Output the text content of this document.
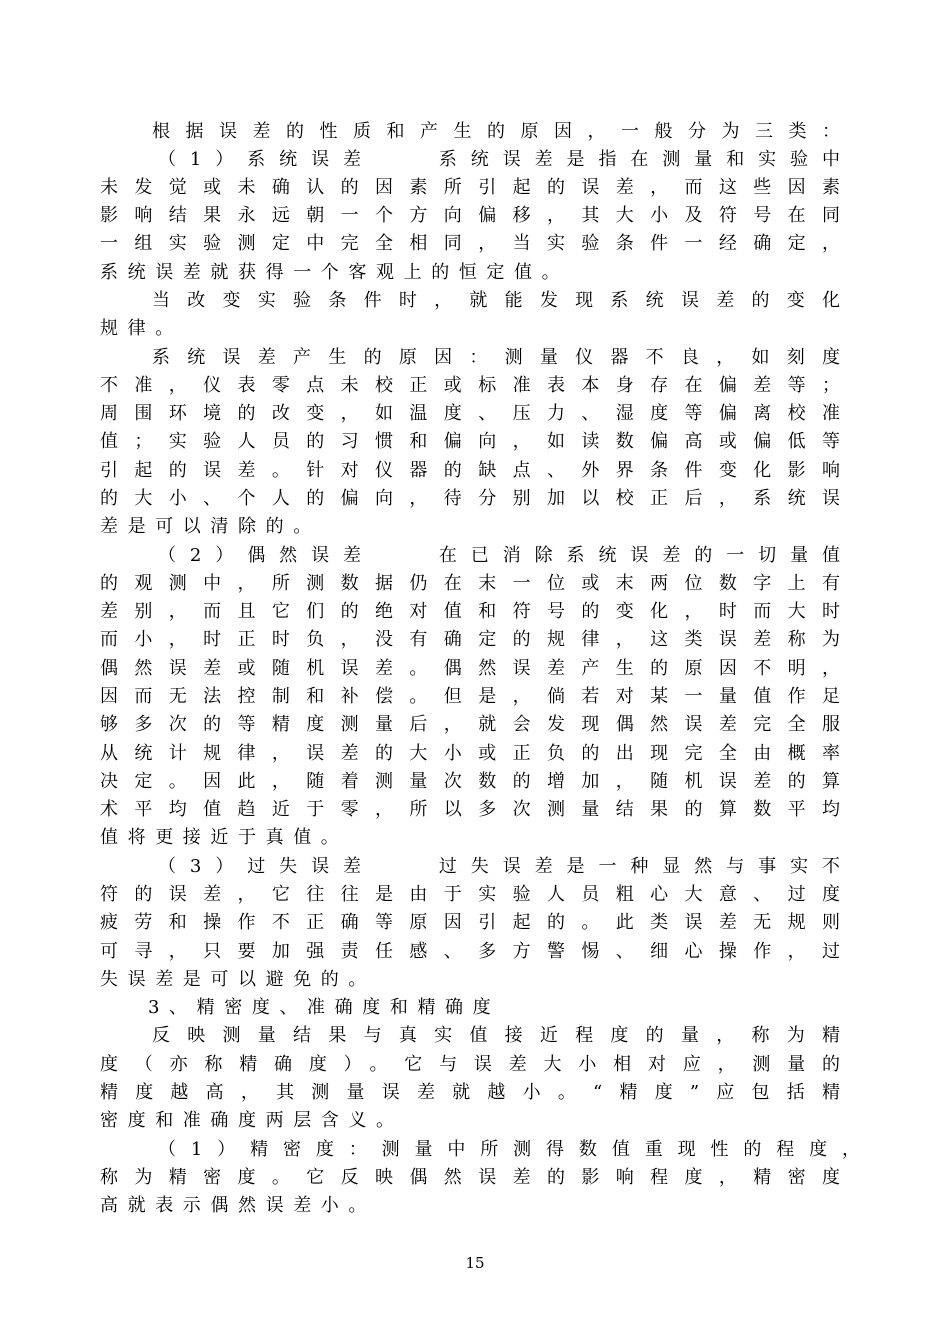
根据误差的性质和产生的原因，一般分为三类：
（1）系统误差　　系统误差是指在测量和实验中
未发觉或未确认的因素所引起的误差，而这些因素
影响结果永远朝一个方向偏移，其大小及符号在同
一组实验测定中完全相同，当实验条件一经确定，
系统误差就获得一个客观上的恒定值。
当改变实验条件时，就能发现系统误差的变化
规律。
系统误差产生的原因：测量仪器不良，如刻度
不准，仪表零点未校正或标准表本身存在偏差等；
周围环境的改变，如温度、压力、湿度等偏离校准
值；实验人员的习惯和偏向，如读数偏高或偏低等
引起的误差。针对仪器的缺点、外界条件变化影响
的大小、个人的偏向，待分别加以校正后，系统误
差是可以清除的。
（2）偶然误差　　在已消除系统误差的一切量值
的观测中，所测数据仍在末一位或末两位数字上有
差别，而且它们的绝对值和符号的变化，时而大时
而小，时正时负，没有确定的规律，这类误差称为
偶然误差或随机误差。偶然误差产生的原因不明，
因而无法控制和补偿。但是，倘若对某一量值作足
够多次的等精度测量后，就会发现偶然误差完全服
从统计规律，误差的大小或正负的出现完全由概率
决定。因此，随着测量次数的增加，随机误差的算
术平均值趋近于零，所以多次测量结果的算数平均
值将更接近于真值。
（3）过失误差　　过失误差是一种显然与事实不
符的误差，它往往是由于实验人员粗心大意、过度
疲劳和操作不正确等原因引起的。此类误差无规则
可寻，只要加强责任感、多方警惕、细心操作，过
失误差是可以避免的。
3、精密度、准确度和精确度
反映测量结果与真实值接近程度的量，称为精
度（亦称精确度）。它与误差大小相对应，测量的
精度越高，其测量误差就越小。“精度”应包括精
密度和准确度两层含义。
（1）精密度：测量中所测得数值重现性的程度，
称为精密度。它反映偶然误差的影响程度，精密度
高就表示偶然误差小。
15
